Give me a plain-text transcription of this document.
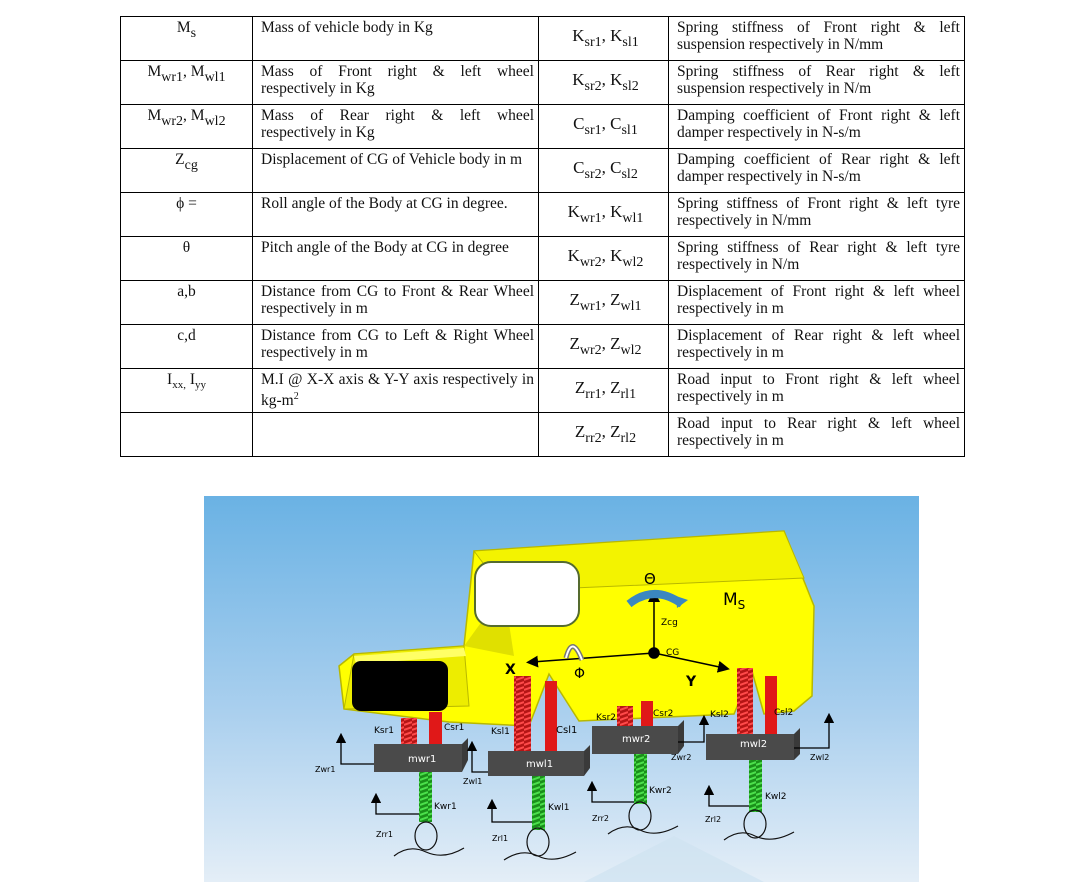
Ms	Mass of vehicle body in Kg	$K_{sr1}$, $K_{sl1}$	Spring stiffness of Front right & left suspension respectively in N/mm
Mwr1, Mwl1	Mass of Front right & left wheel respectively in Kg	$K_{sr2}$, $K_{sl2}$	Spring stiffness of Rear right & left suspension respectively in N/m
Mwr2, Mwl2	Mass of Rear right & left wheel respectively in Kg	$C_{sr1}$, $C_{sl1}$	Damping coefficient of Front right & left damper respectively in N-s/m
Zcg	Displacement of CG of Vehicle body in m	$C_{sr2}$, $C_{sl2}$	Damping coefficient of Rear right & left damper respectively in N-s/m
ϕ =	Roll angle of the Body at CG in degree.	$K_{wr1}$, $K_{wl1}$	Spring stiffness of Front right & left tyre respectively in N/mm
θ	Pitch angle of the Body at CG in degree	$K_{wr2}$, $K_{wl2}$	Spring stiffness of Rear right & left tyre respectively in N/m
a,b	Distance from CG to Front & Rear Wheel respectively in m	$Z_{wr1}$, $Z_{wl1}$	Displacement of Front right & left wheel respectively in m
c,d	Distance from CG to Left & Right Wheel respectively in m	$Z_{wr2}$, $Z_{wl2}$	Displacement of Rear right & left wheel respectively in m
$I_{xx,}$ $I_{yy}$	M.I @ X-X axis & Y-Y axis respectively in $kg-m^2$	$Z_{rr1}$, $Z_{rl1}$	Road input to Front right & left wheel respectively in m
		$Z_{rr2}$, $Z_{rl2}$	Road input to Rear right & left wheel respectively in m
Θ
$M_S$
Zcg
CG
X
Y
Φ
Ksr1	Csr1	Ksl1	Csl1
Ksr2	Csr2	Ksl2	Csl2
mwr1	mwl1
mwr2	mwl2
Zwr1
Zwl1
Zwr2	Zwl2
Kwr1	Kwl1
Kwr2
Kwl2
Zrr1	Zrl1
Zrr2	Zrl2
